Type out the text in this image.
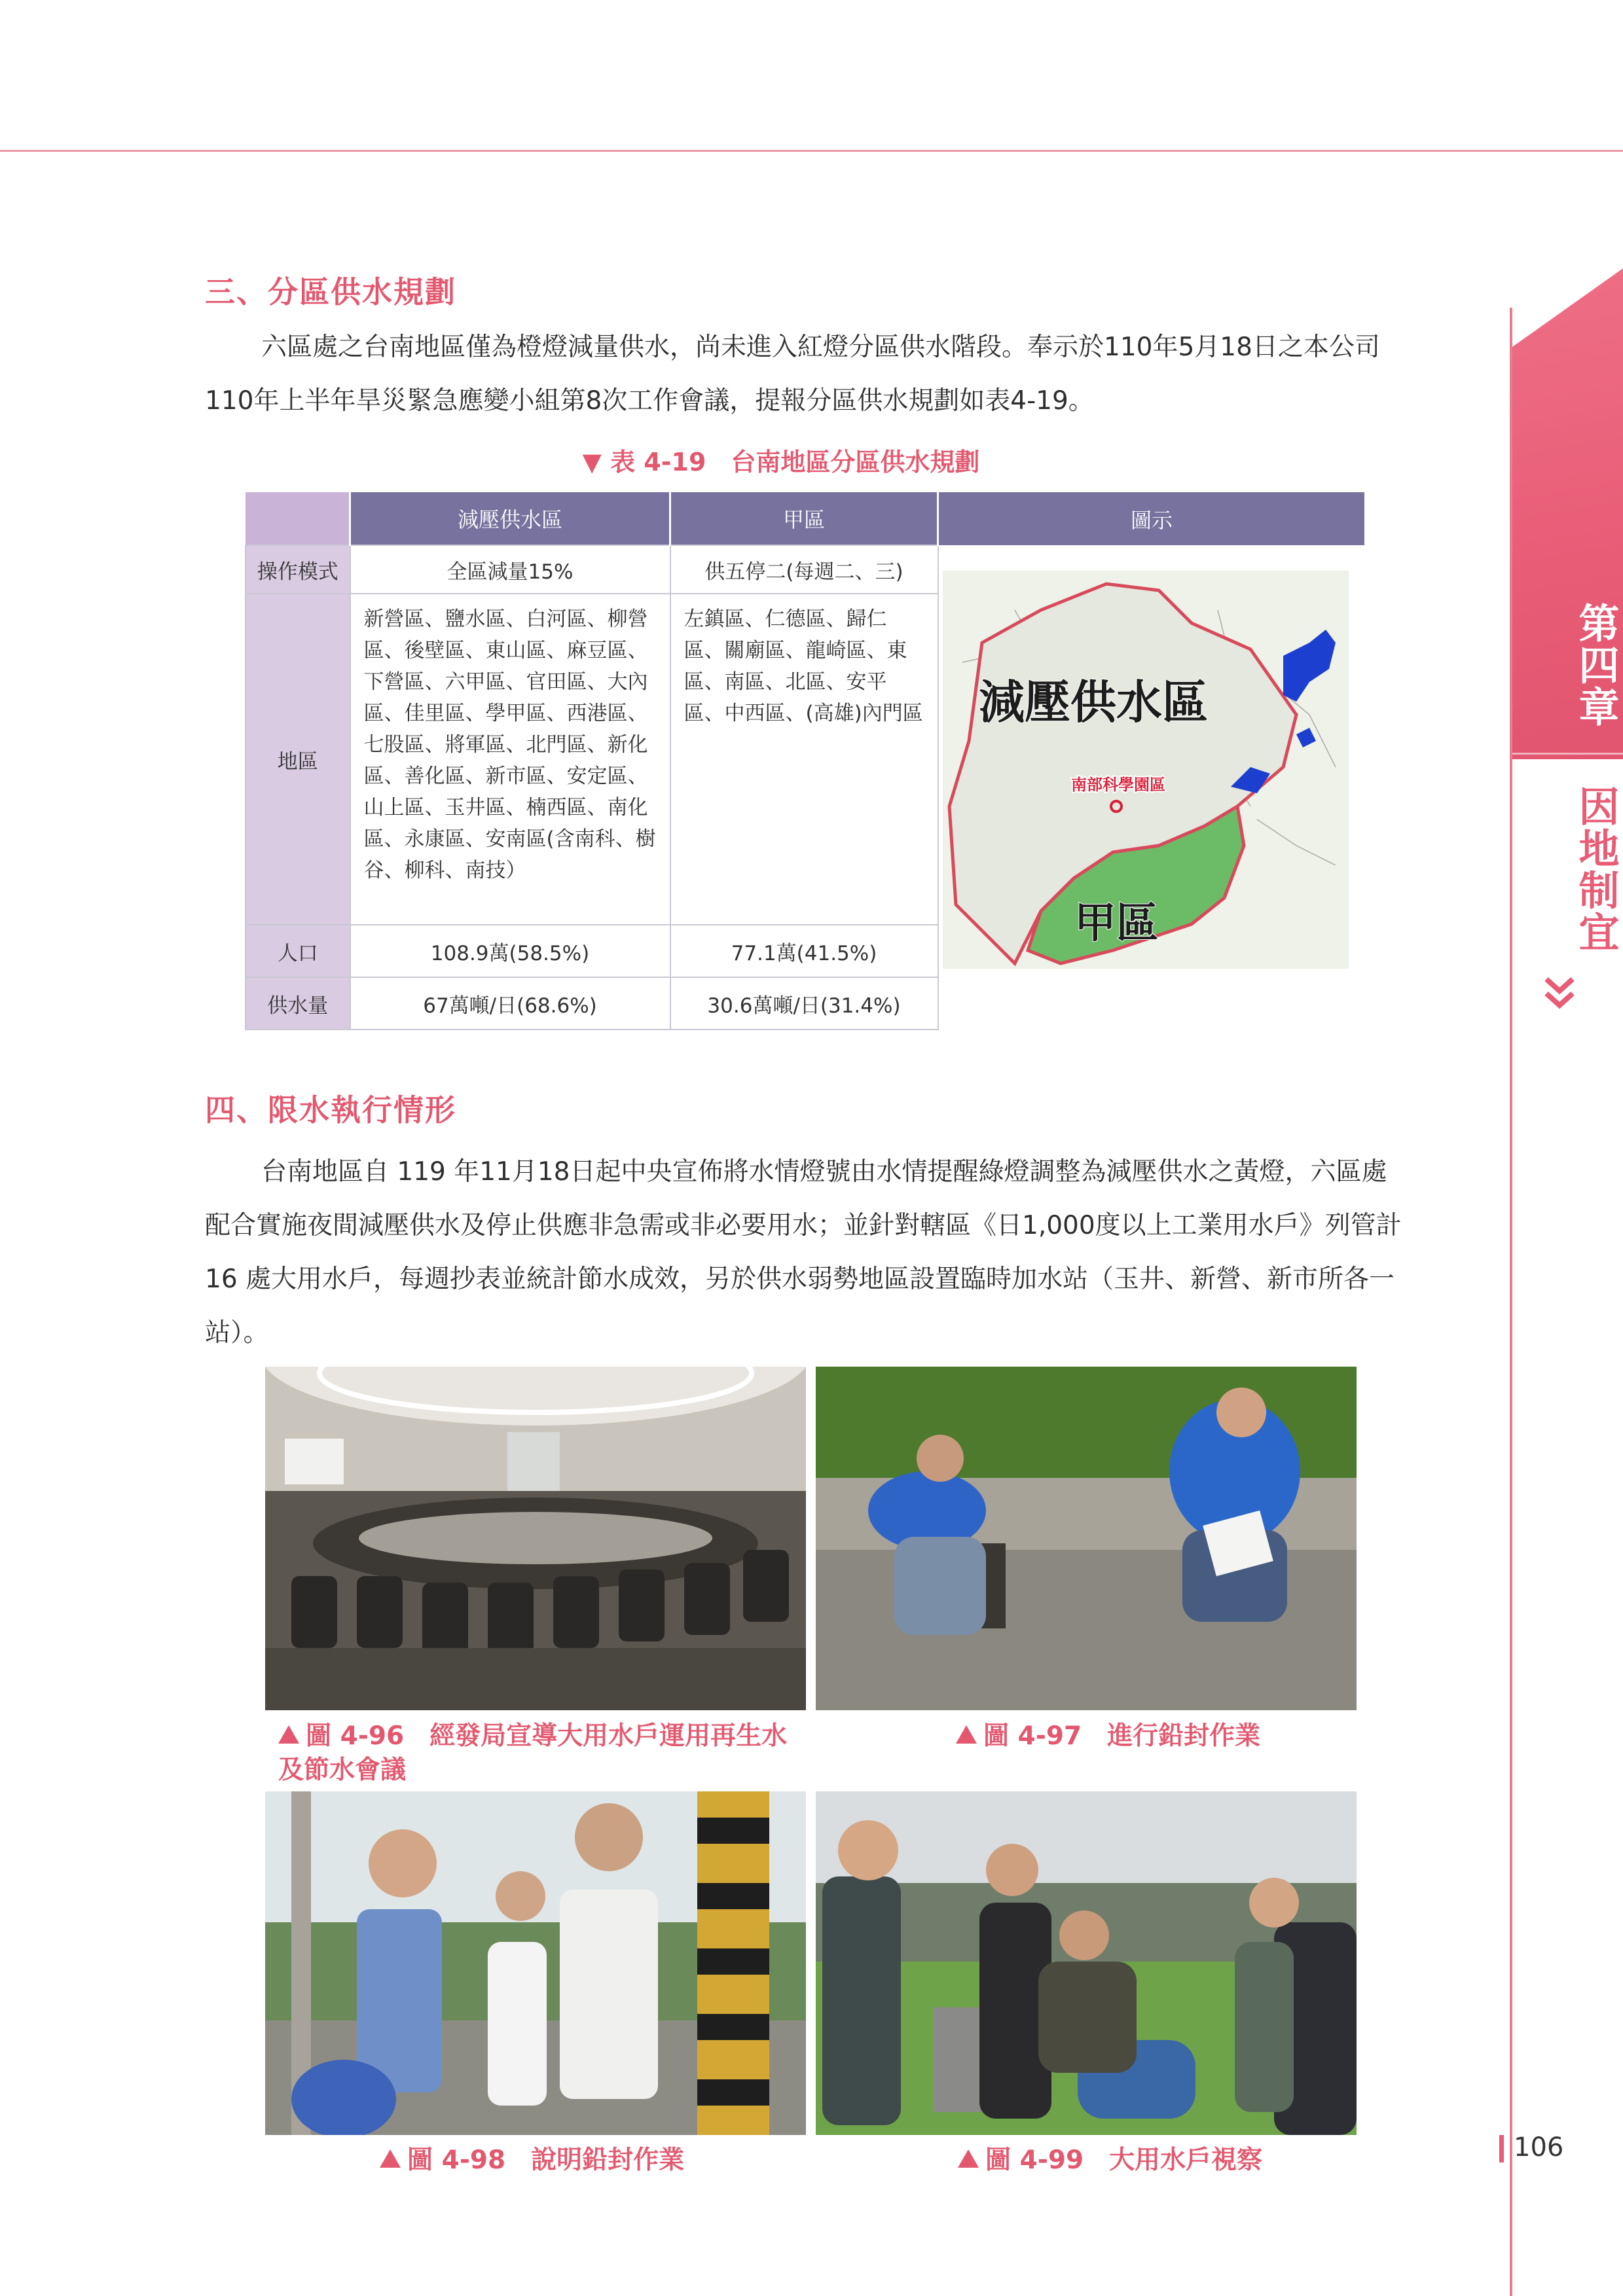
第四章
因地制宜
106
三、分區供水規劃

六區處之台南地區僅為橙燈減量供水，尚未進入紅燈分區供水階段。奉示於110年5月18日之本公司110年上半年旱災緊急應變小組第8次工作會議，提報分區供水規劃如表4-19。

▼ 表 4-19　台南地區分區供水規劃
	減壓供水區	甲區	圖示
操作模式	全區減量15%	供五停二(每週二、三)	
地區	新營區、鹽水區、白河區、柳營區、後壁區、東山區、麻豆區、下營區、六甲區、官田區、大內區、佳里區、學甲區、西港區、七股區、將軍區、北門區、新化區、善化區、新市區、安定區、山上區、玉井區、楠西區、南化區、永康區、安南區(含南科、樹谷、柳科、南技）	左鎮區、仁德區、歸仁區、關廟區、龍崎區、東區、南區、北區、安平區、中西區、(高雄)內門區	
人口	108.9萬(58.5%)	77.1萬(41.5%)	
供水量	67萬噸/日(68.6%)	30.6萬噸/日(31.4%)	
減壓供水區
南部科學園區
甲區
四、限水執行情形

台南地區自 119 年11月18日起中央宣佈將水情燈號由水情提醒綠燈調整為減壓供水之黃燈，六區處配合實施夜間減壓供水及停止供應非急需或非必要用水；並針對轄區《日1,000度以上工業用水戶》列管計 16 處大用水戶，每週抄表並統計節水成效，另於供水弱勢地區設置臨時加水站（玉井、新營、新市所各一站）。

圖 4-96　經發局宣導大用水戶運用再生水及節水會議
圖 4-97　進行鉛封作業
圖 4-98　說明鉛封作業	圖 4-99　大用水戶視察
